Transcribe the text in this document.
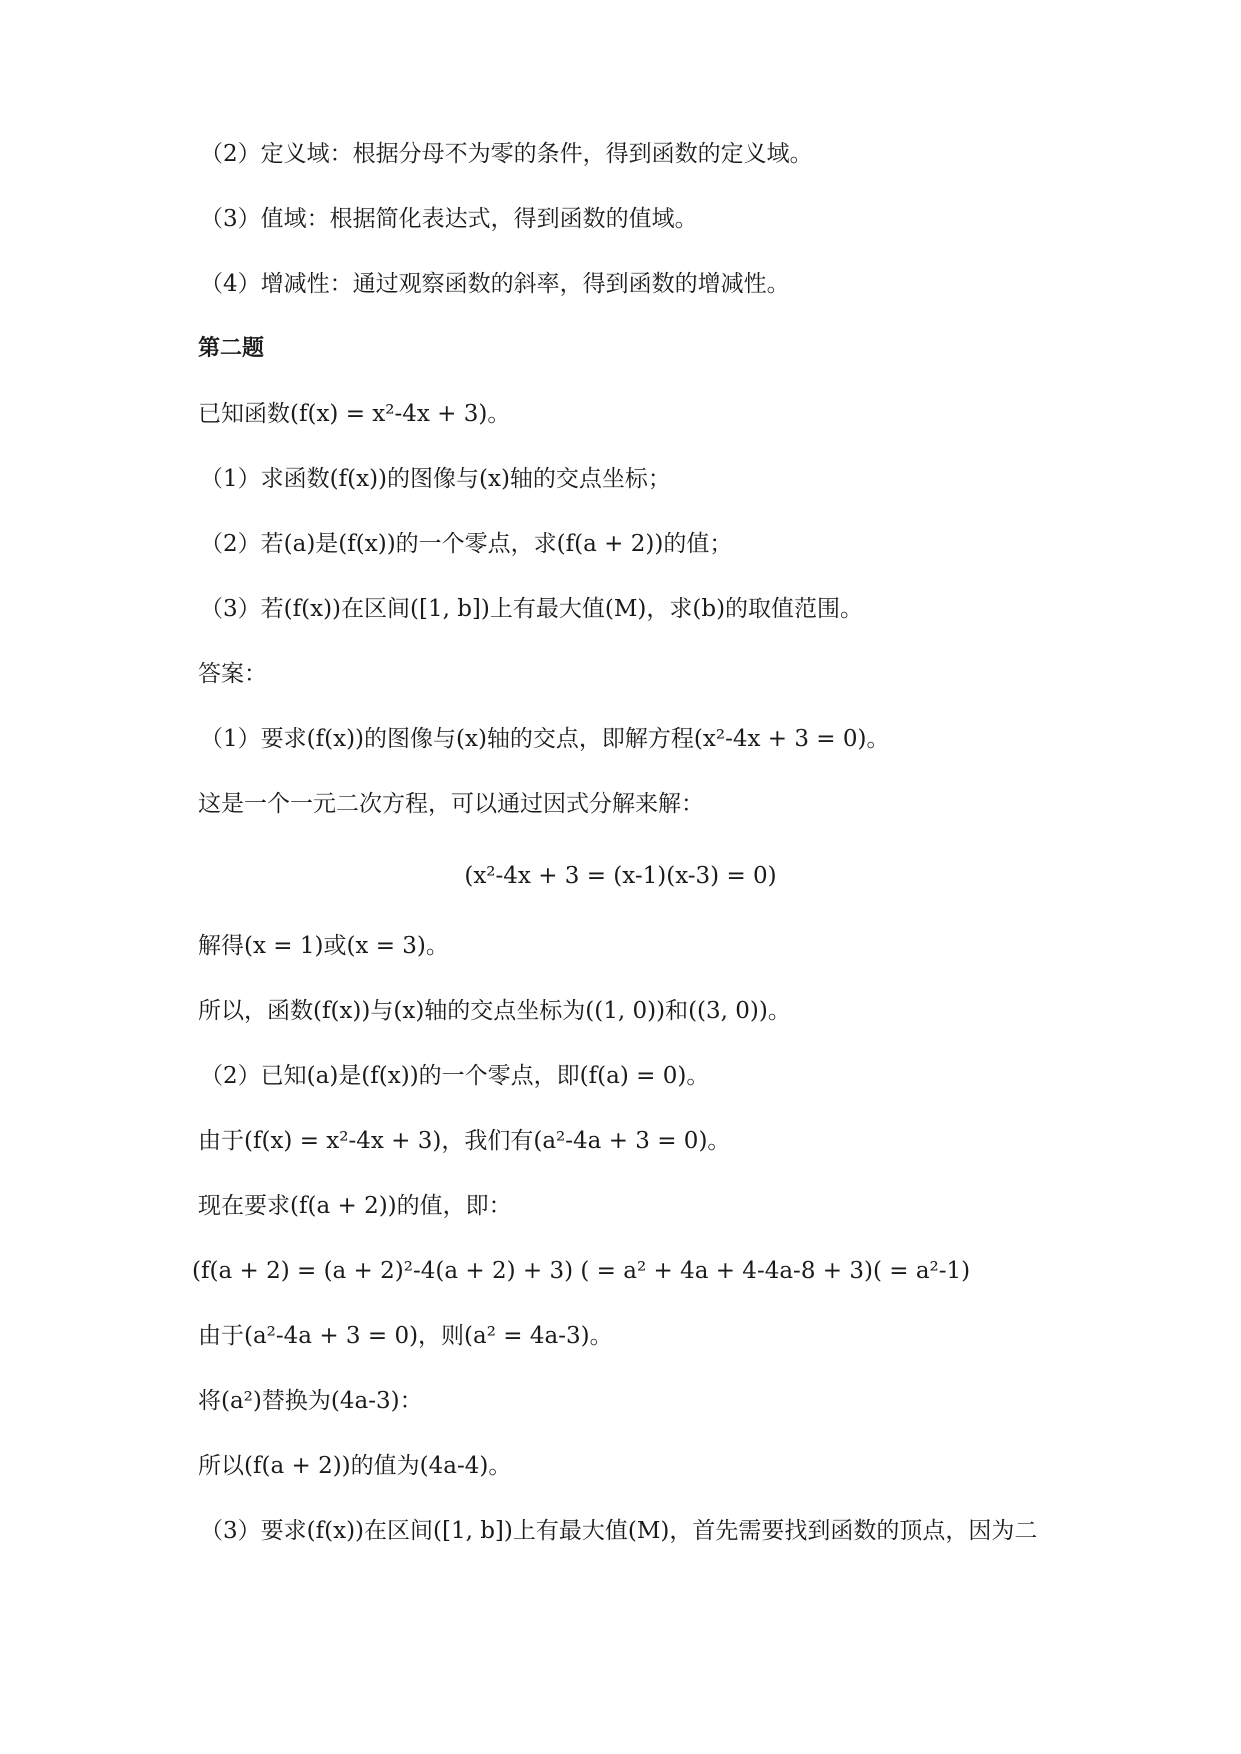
（2）定义域：根据分母不为零的条件，得到函数的定义域。
（3）值域：根据简化表达式，得到函数的值域。
（4）增减性：通过观察函数的斜率，得到函数的增减性。
第二题
已知函数(f(x) = x²-4x + 3)。
（1）求函数(f(x))的图像与(x)轴的交点坐标；
（2）若(a)是(f(x))的一个零点，求(f(a + 2))的值；
（3）若(f(x))在区间([1, b])上有最大值(M)，求(b)的取值范围。
答案：
（1）要求(f(x))的图像与(x)轴的交点，即解方程(x²-4x + 3 = 0)。
这是一个一元二次方程，可以通过因式分解来解：
(x²-4x + 3 = (x-1)(x-3) = 0)
解得(x = 1)或(x = 3)。
所以，函数(f(x))与(x)轴的交点坐标为((1, 0))和((3, 0))。
（2）已知(a)是(f(x))的一个零点，即(f(a) = 0)。
由于(f(x) = x²-4x + 3)，我们有(a²-4a + 3 = 0)。
现在要求(f(a + 2))的值，即：
(f(a + 2) = (a + 2)²-4(a + 2) + 3) ( = a² + 4a + 4-4a-8 + 3)( = a²-1)
由于(a²-4a + 3 = 0)，则(a² = 4a-3)。
将(a²)替换为(4a-3)：
所以(f(a + 2))的值为(4a-4)。
（3）要求(f(x))在区间([1, b])上有最大值(M)，首先需要找到函数的顶点，因为二
